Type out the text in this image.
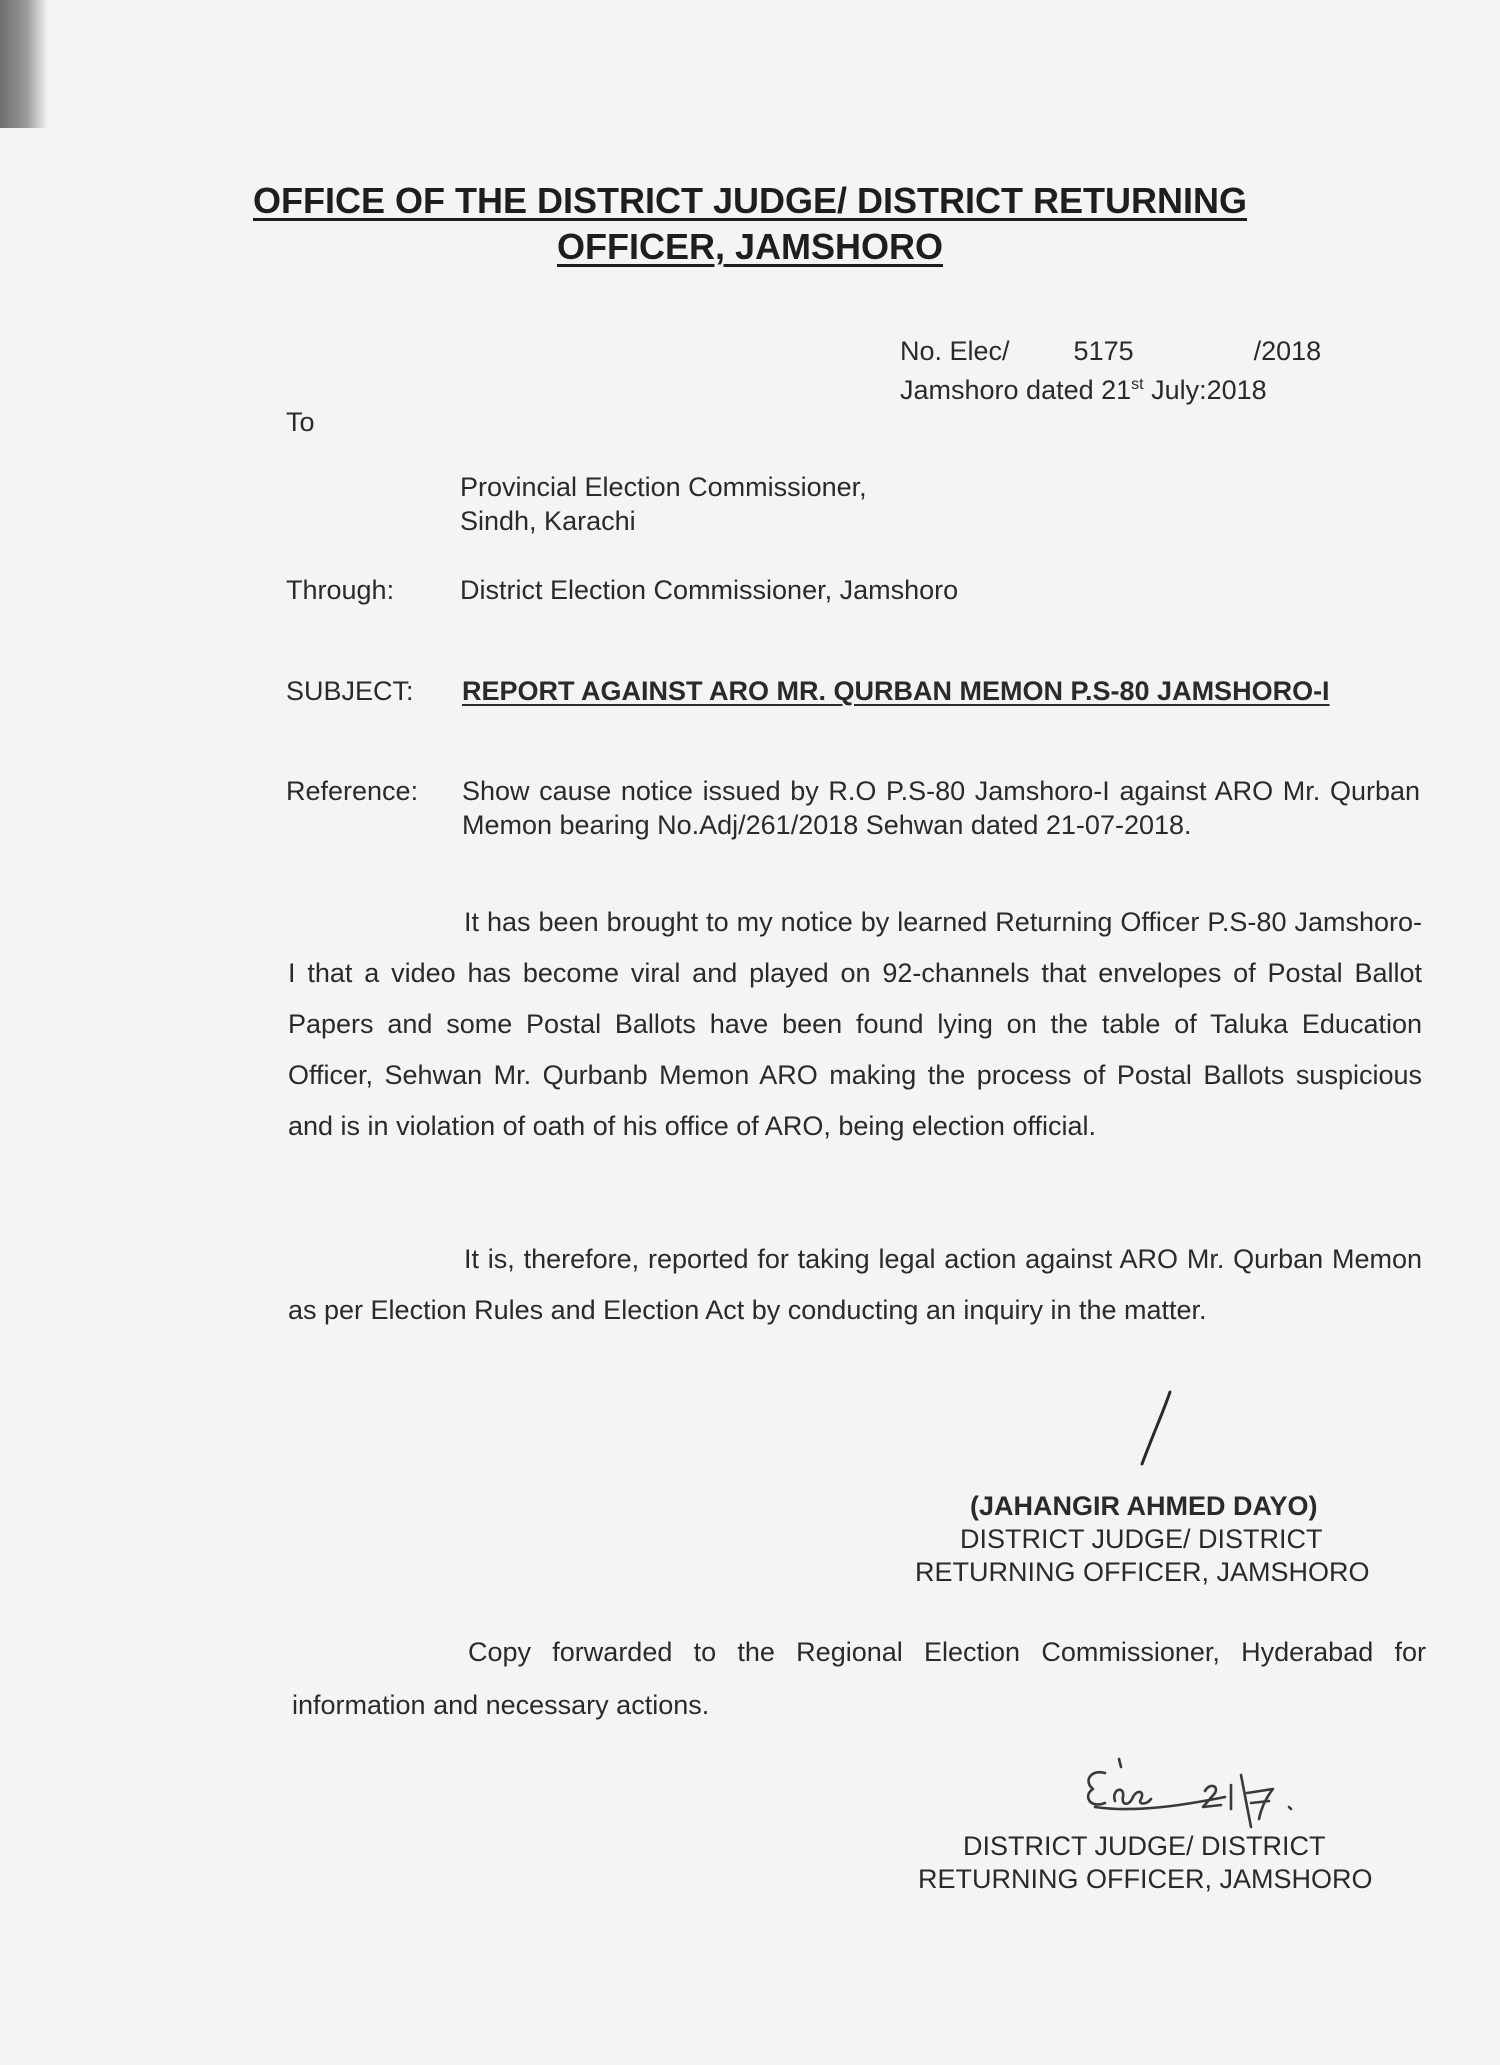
OFFICE OF THE DISTRICT JUDGE/ DISTRICT RETURNING
OFFICER, JAMSHORO
No. Elec/ 5175	/2018
Jamshoro dated 21st July:2018
To
Provincial Election Commissioner,
Sindh, Karachi
Through: District Election Commissioner, Jamshoro
SUBJECT: REPORT AGAINST ARO MR. QURBAN MEMON P.S-80 JAMSHORO-I
Reference: Show cause notice issued by R.O P.S-80 Jamshoro-I against ARO Mr. Qurban Memon bearing No.Adj/261/2018 Sehwan dated 21-07-2018.
It has been brought to my notice by learned Returning Officer P.S-80 Jamshoro-I that a video has become viral and played on 92-channels that envelopes of Postal Ballot Papers and some Postal Ballots have been found lying on the table of Taluka Education Officer, Sehwan Mr. Qurbanb Memon ARO making the process of Postal Ballots suspicious and is in violation of oath of his office of ARO, being election official.
It is, therefore, reported for taking legal action against ARO Mr. Qurban Memon as per Election Rules and Election Act by conducting an inquiry in the matter.
(JAHANGIR AHMED DAYO)
DISTRICT JUDGE/ DISTRICT
RETURNING OFFICER, JAMSHORO
Copy forwarded to the Regional Election Commissioner, Hyderabad for information and necessary actions.
DISTRICT JUDGE/ DISTRICT
RETURNING OFFICER, JAMSHORO
